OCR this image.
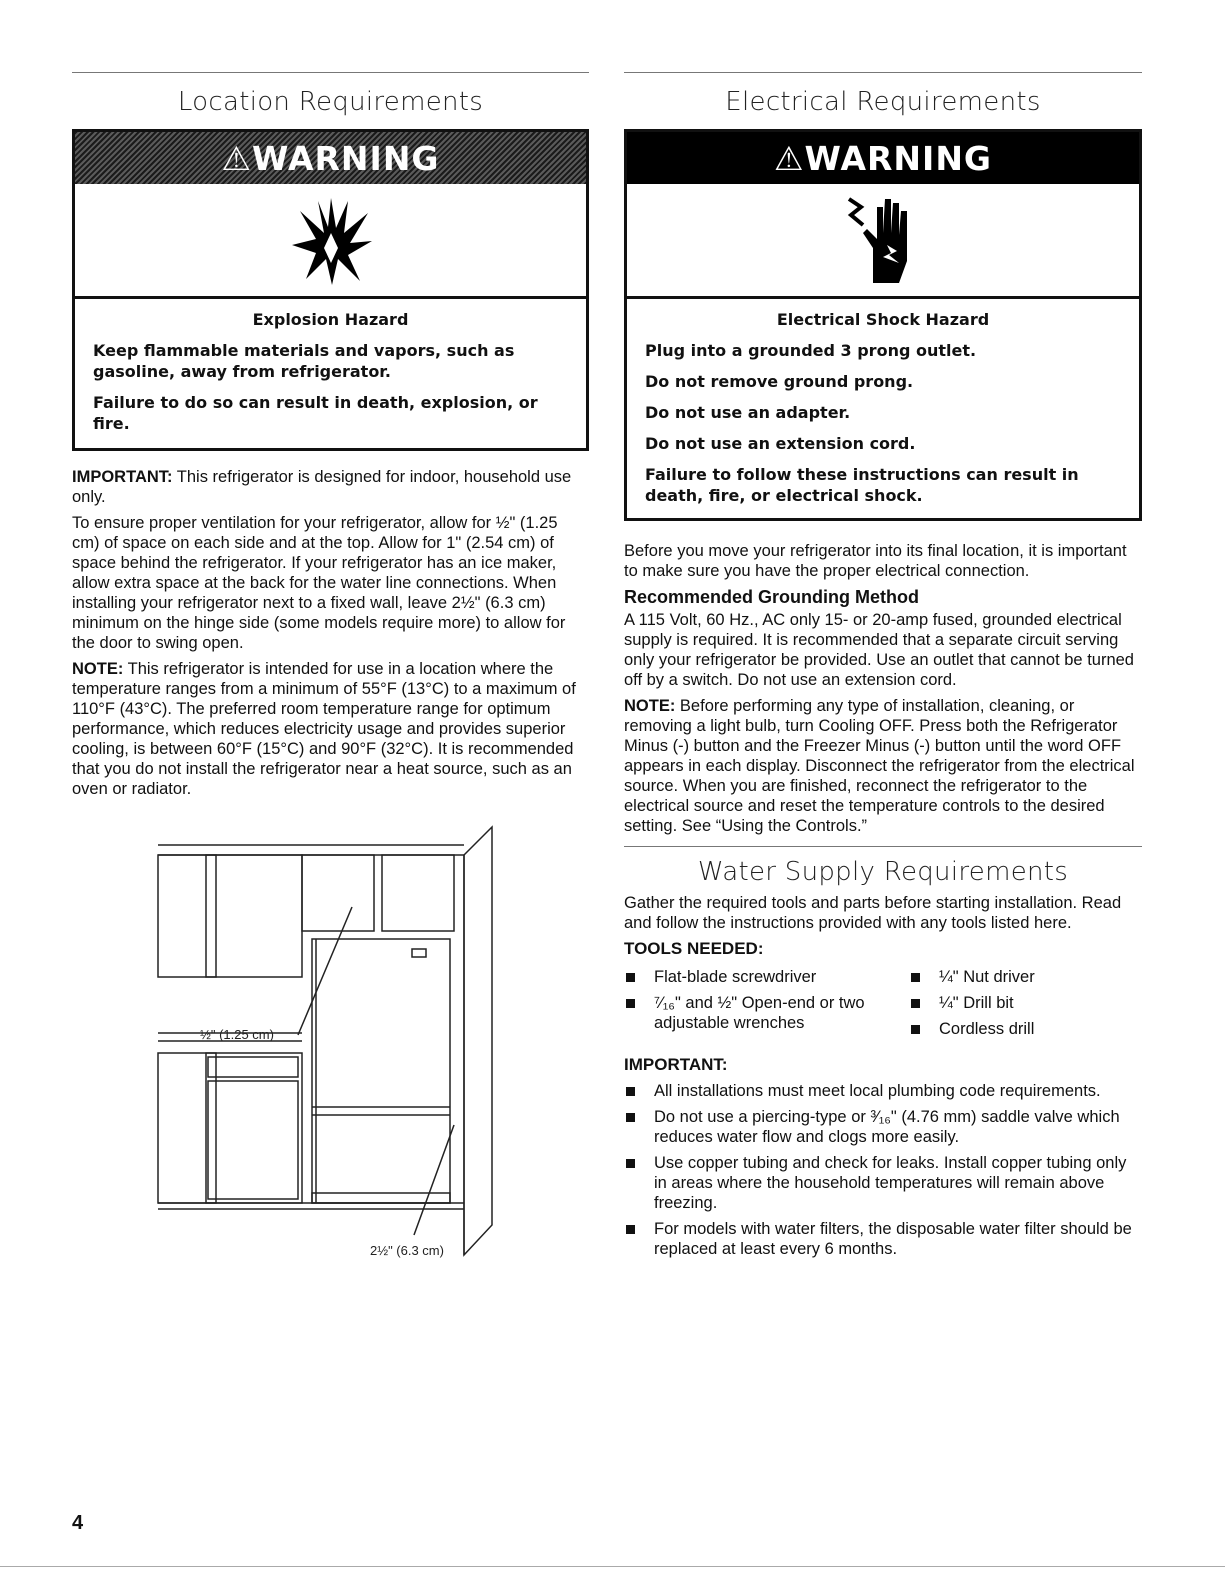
Location Requirements
⚠WARNING
Explosion Hazard

Keep flammable materials and vapors, such as gasoline, away from refrigerator.

Failure to do so can result in death, explosion, or fire.

IMPORTANT: This refrigerator is designed for indoor, household use only.

To ensure proper ventilation for your refrigerator, allow for ½" (1.25 cm) of space on each side and at the top. Allow for 1" (2.54 cm) of space behind the refrigerator. If your refrigerator has an ice maker, allow extra space at the back for the water line connections. When installing your refrigerator next to a fixed wall, leave 2½" (6.3 cm) minimum on the hinge side (some models require more) to allow for the door to swing open.

NOTE: This refrigerator is intended for use in a location where the temperature ranges from a minimum of 55°F (13°C) to a maximum of 110°F (43°C). The preferred room temperature range for optimum performance, which reduces electricity usage and provides superior cooling, is between 60°F (15°C) and 90°F (32°C). It is recommended that you do not install the refrigerator near a heat source, such as an oven or radiator.

½" (1.25 cm)
2½" (6.3 cm)
Electrical Requirements
⚠WARNING
Electrical Shock Hazard

Plug into a grounded 3 prong outlet.

Do not remove ground prong.

Do not use an adapter.

Do not use an extension cord.

Failure to follow these instructions can result in death, fire, or electrical shock.

Before you move your refrigerator into its final location, it is important to make sure you have the proper electrical connection.

Recommended Grounding Method

A 115 Volt, 60 Hz., AC only 15- or 20-amp fused, grounded electrical supply is required. It is recommended that a separate circuit serving only your refrigerator be provided. Use an outlet that cannot be turned off by a switch. Do not use an extension cord.

NOTE: Before performing any type of installation, cleaning, or removing a light bulb, turn Cooling OFF. Press both the Refrigerator Minus (-) button and the Freezer Minus (-) button until the word OFF appears in each display. Disconnect the refrigerator from the electrical source. When you are finished, reconnect the refrigerator to the electrical source and reset the temperature controls to the desired setting. See “Using the Controls.”

Water Supply Requirements

Gather the required tools and parts before starting installation. Read and follow the instructions provided with any tools listed here.

TOOLS NEEDED:
Flat-blade screwdriver
⁷⁄₁₆" and ½" Open-end or two adjustable wrenches
¼" Nut driver
¼" Drill bit
Cordless drill
IMPORTANT:
All installations must meet local plumbing code requirements.
Do not use a piercing-type or ³⁄₁₆" (4.76 mm) saddle valve which reduces water flow and clogs more easily.
Use copper tubing and check for leaks. Install copper tubing only in areas where the household temperatures will remain above freezing.
For models with water filters, the disposable water filter should be replaced at least every 6 months.
4
